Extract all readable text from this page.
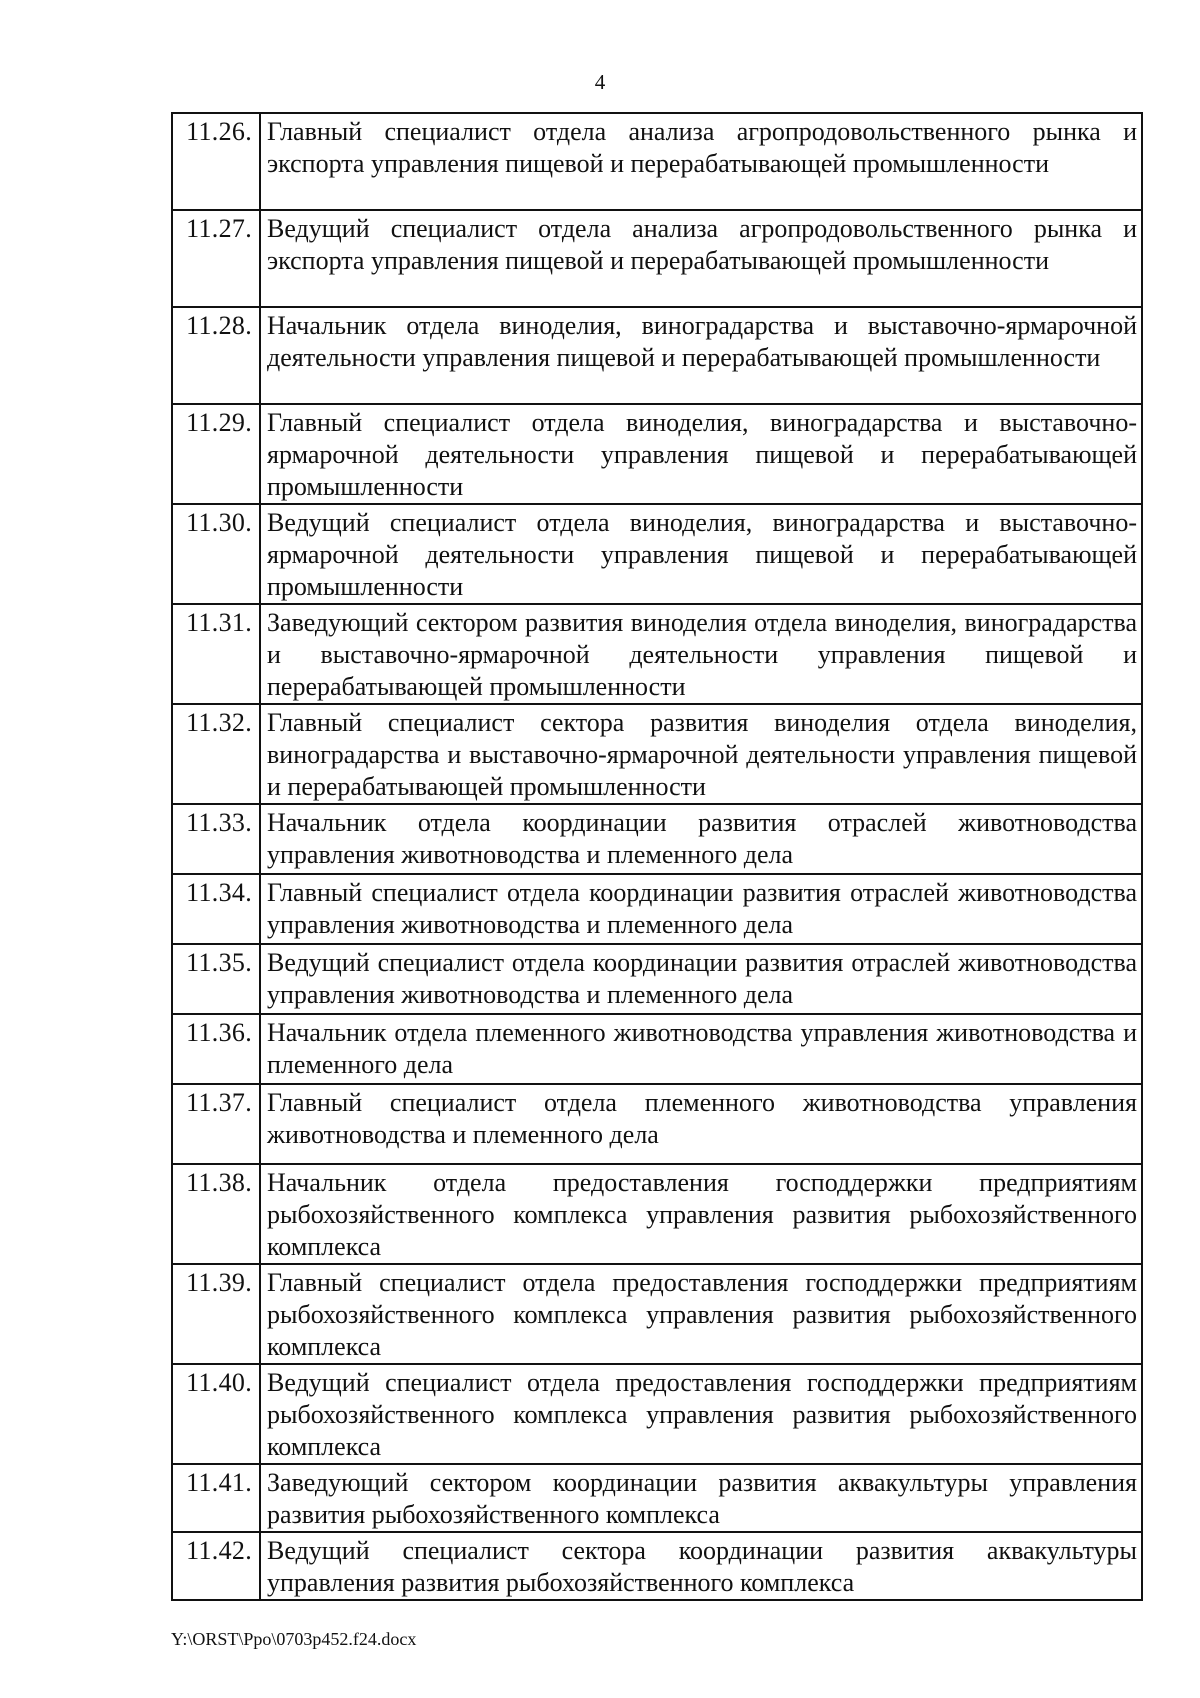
4
11.26.	Главный специалист отдела анализа агропродовольственного рынка и экспорта управления пищевой и перерабатывающей промышленности
11.27.	Ведущий специалист отдела анализа агропродовольственного рынка и экспорта управления пищевой и перерабатывающей промышленности
11.28.	Начальник отдела виноделия, виноградарства и выставочно-ярмарочной деятельности управления пищевой и перерабатывающей промышленности
11.29.	Главный специалист отдела виноделия, виноградарства и выставочно-ярмарочной деятельности управления пищевой и перерабатывающей промышленности
11.30.	Ведущий специалист отдела виноделия, виноградарства и выставочно-ярмарочной деятельности управления пищевой и перерабатывающей промышленности
11.31.	Заведующий сектором развития виноделия отдела виноделия, виноградарства и выставочно-ярмарочной деятельности управления пищевой и перерабатывающей промышленности
11.32.	Главный специалист сектора развития виноделия отдела виноделия, виноградарства и выставочно-ярмарочной деятельности управления пищевой и перерабатывающей промышленности
11.33.	Начальник отдела координации развития отраслей животноводства управления животноводства и племенного дела
11.34.	Главный специалист отдела координации развития отраслей животноводства управления животноводства и племенного дела
11.35.	Ведущий специалист отдела координации развития отраслей животноводства управления животноводства и племенного дела
11.36.	Начальник отдела племенного животноводства управления животноводства и племенного дела
11.37.	Главный специалист отдела племенного животноводства управления животноводства и племенного дела
11.38.	Начальник отдела предоставления господдержки предприятиям рыбохозяйственного комплекса управления развития рыбохозяйственного комплекса
11.39.	Главный специалист отдела предоставления господдержки предприятиям рыбохозяйственного комплекса управления развития рыбохозяйственного комплекса
11.40.	Ведущий специалист отдела предоставления господдержки предприятиям рыбохозяйственного комплекса управления развития рыбохозяйственного комплекса
11.41.	Заведующий сектором координации развития аквакультуры управления развития рыбохозяйственного комплекса
11.42.	Ведущий специалист сектора координации развития аквакультуры управления развития рыбохозяйственного комплекса
Y:\ORST\Ppo\0703p452.f24.docx
